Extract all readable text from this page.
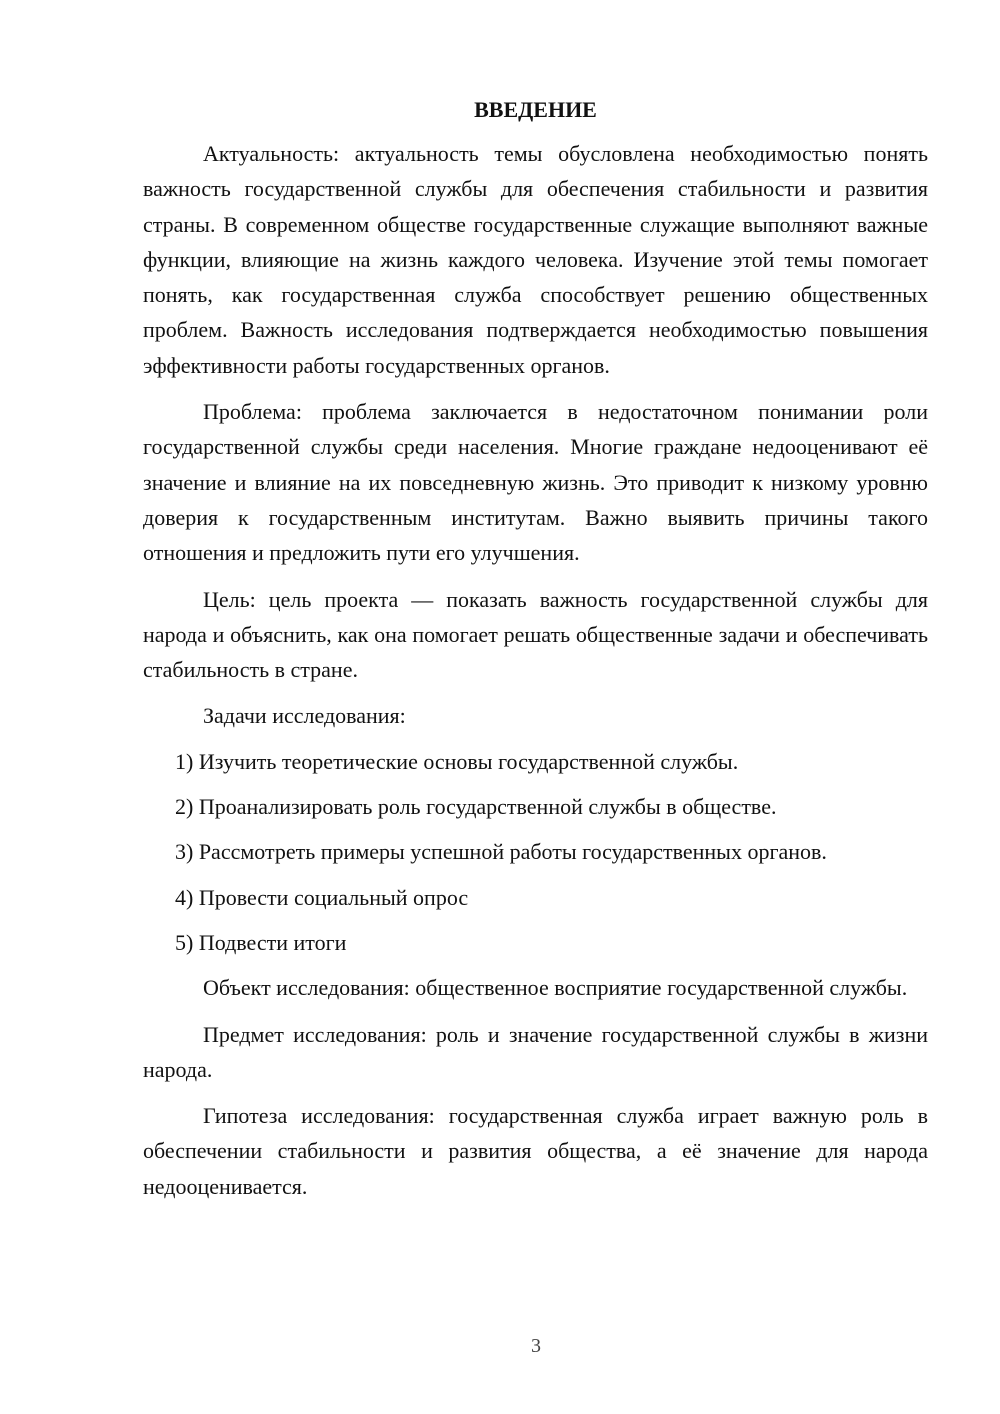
ВВЕДЕНИЕ

Актуальность: актуальность темы обусловлена необходимостью понять важность государственной службы для обеспечения стабильности и развития страны. В современном обществе государственные служащие выполняют важные функции, влияющие на жизнь каждого человека. Изучение этой темы помогает понять, как государственная служба способствует решению общественных проблем. Важность исследования подтверждается необходимостью повышения эффективности работы государственных органов.

Проблема: проблема заключается в недостаточном понимании роли государственной службы среди населения. Многие граждане недооценивают её значение и влияние на их повседневную жизнь. Это приводит к низкому уровню доверия к государственным институтам. Важно выявить причины такого отношения и предложить пути его улучшения.

Цель: цель проекта — показать важность государственной службы для народа и объяснить, как она помогает решать общественные задачи и обеспечивать стабильность в стране.

Задачи исследования:

1) Изучить теоретические основы государственной службы.
2) Проанализировать роль государственной службы в обществе.
3) Рассмотреть примеры успешной работы государственных органов.
4) Провести социальный опрос
5) Подвести итоги

Объект исследования: общественное восприятие государственной службы.

Предмет исследования: роль и значение государственной службы в жизни народа.

Гипотеза исследования: государственная служба играет важную роль в обеспечении стабильности и развития общества, а её значение для народа недооценивается.

3
